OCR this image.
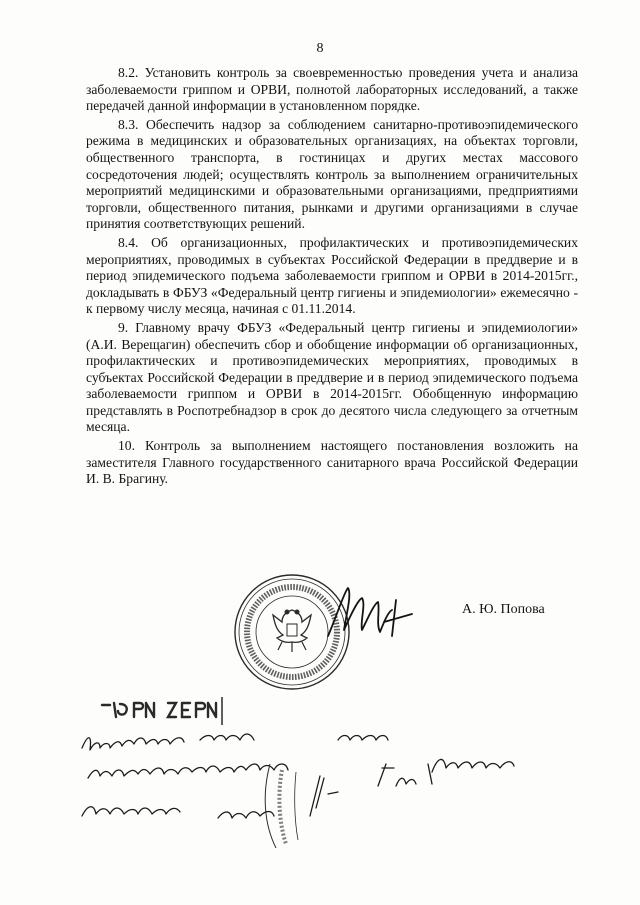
8

8.2. Установить контроль за своевременностью проведения учета и анализа заболеваемости гриппом и ОРВИ, полнотой лабораторных исследований, а также передачей данной информации в установленном порядке.

8.3. Обеспечить надзор за соблюдением санитарно-противоэпидемического режима в медицинских и образовательных организациях, на объектах торговли, общественного транспорта, в гостиницах и других местах массового сосредоточения людей; осуществлять контроль за выполнением ограничительных мероприятий медицинскими и образовательными организациями, предприятиями торговли, общественного питания, рынками и другими организациями в случае принятия соответствующих решений.

8.4. Об организационных, профилактических и противоэпидемических мероприятиях, проводимых в субъектах Российской Федерации в преддверие и в период эпидемического подъема заболеваемости гриппом и ОРВИ в 2014-2015гг., докладывать в ФБУЗ «Федеральный центр гигиены и эпидемиологии» ежемесячно - к первому числу месяца, начиная с 01.11.2014.

9. Главному врачу ФБУЗ «Федеральный центр гигиены и эпидемиологии» (А.И. Верещагин) обеспечить сбор и обобщение информации об организационных, профилактических и противоэпидемических мероприятиях, проводимых в субъектах Российской Федерации в преддверие и в период эпидемического подъема заболеваемости гриппом и ОРВИ в 2014-2015гг. Обобщенную информацию представлять в Роспотребнадзор в срок до десятого числа следующего за отчетным месяца.

10. Контроль за выполнением настоящего постановления возложить на заместителя Главного государственного санитарного врача Российской Федерации И. В. Брагину.

А. Ю. Попова
